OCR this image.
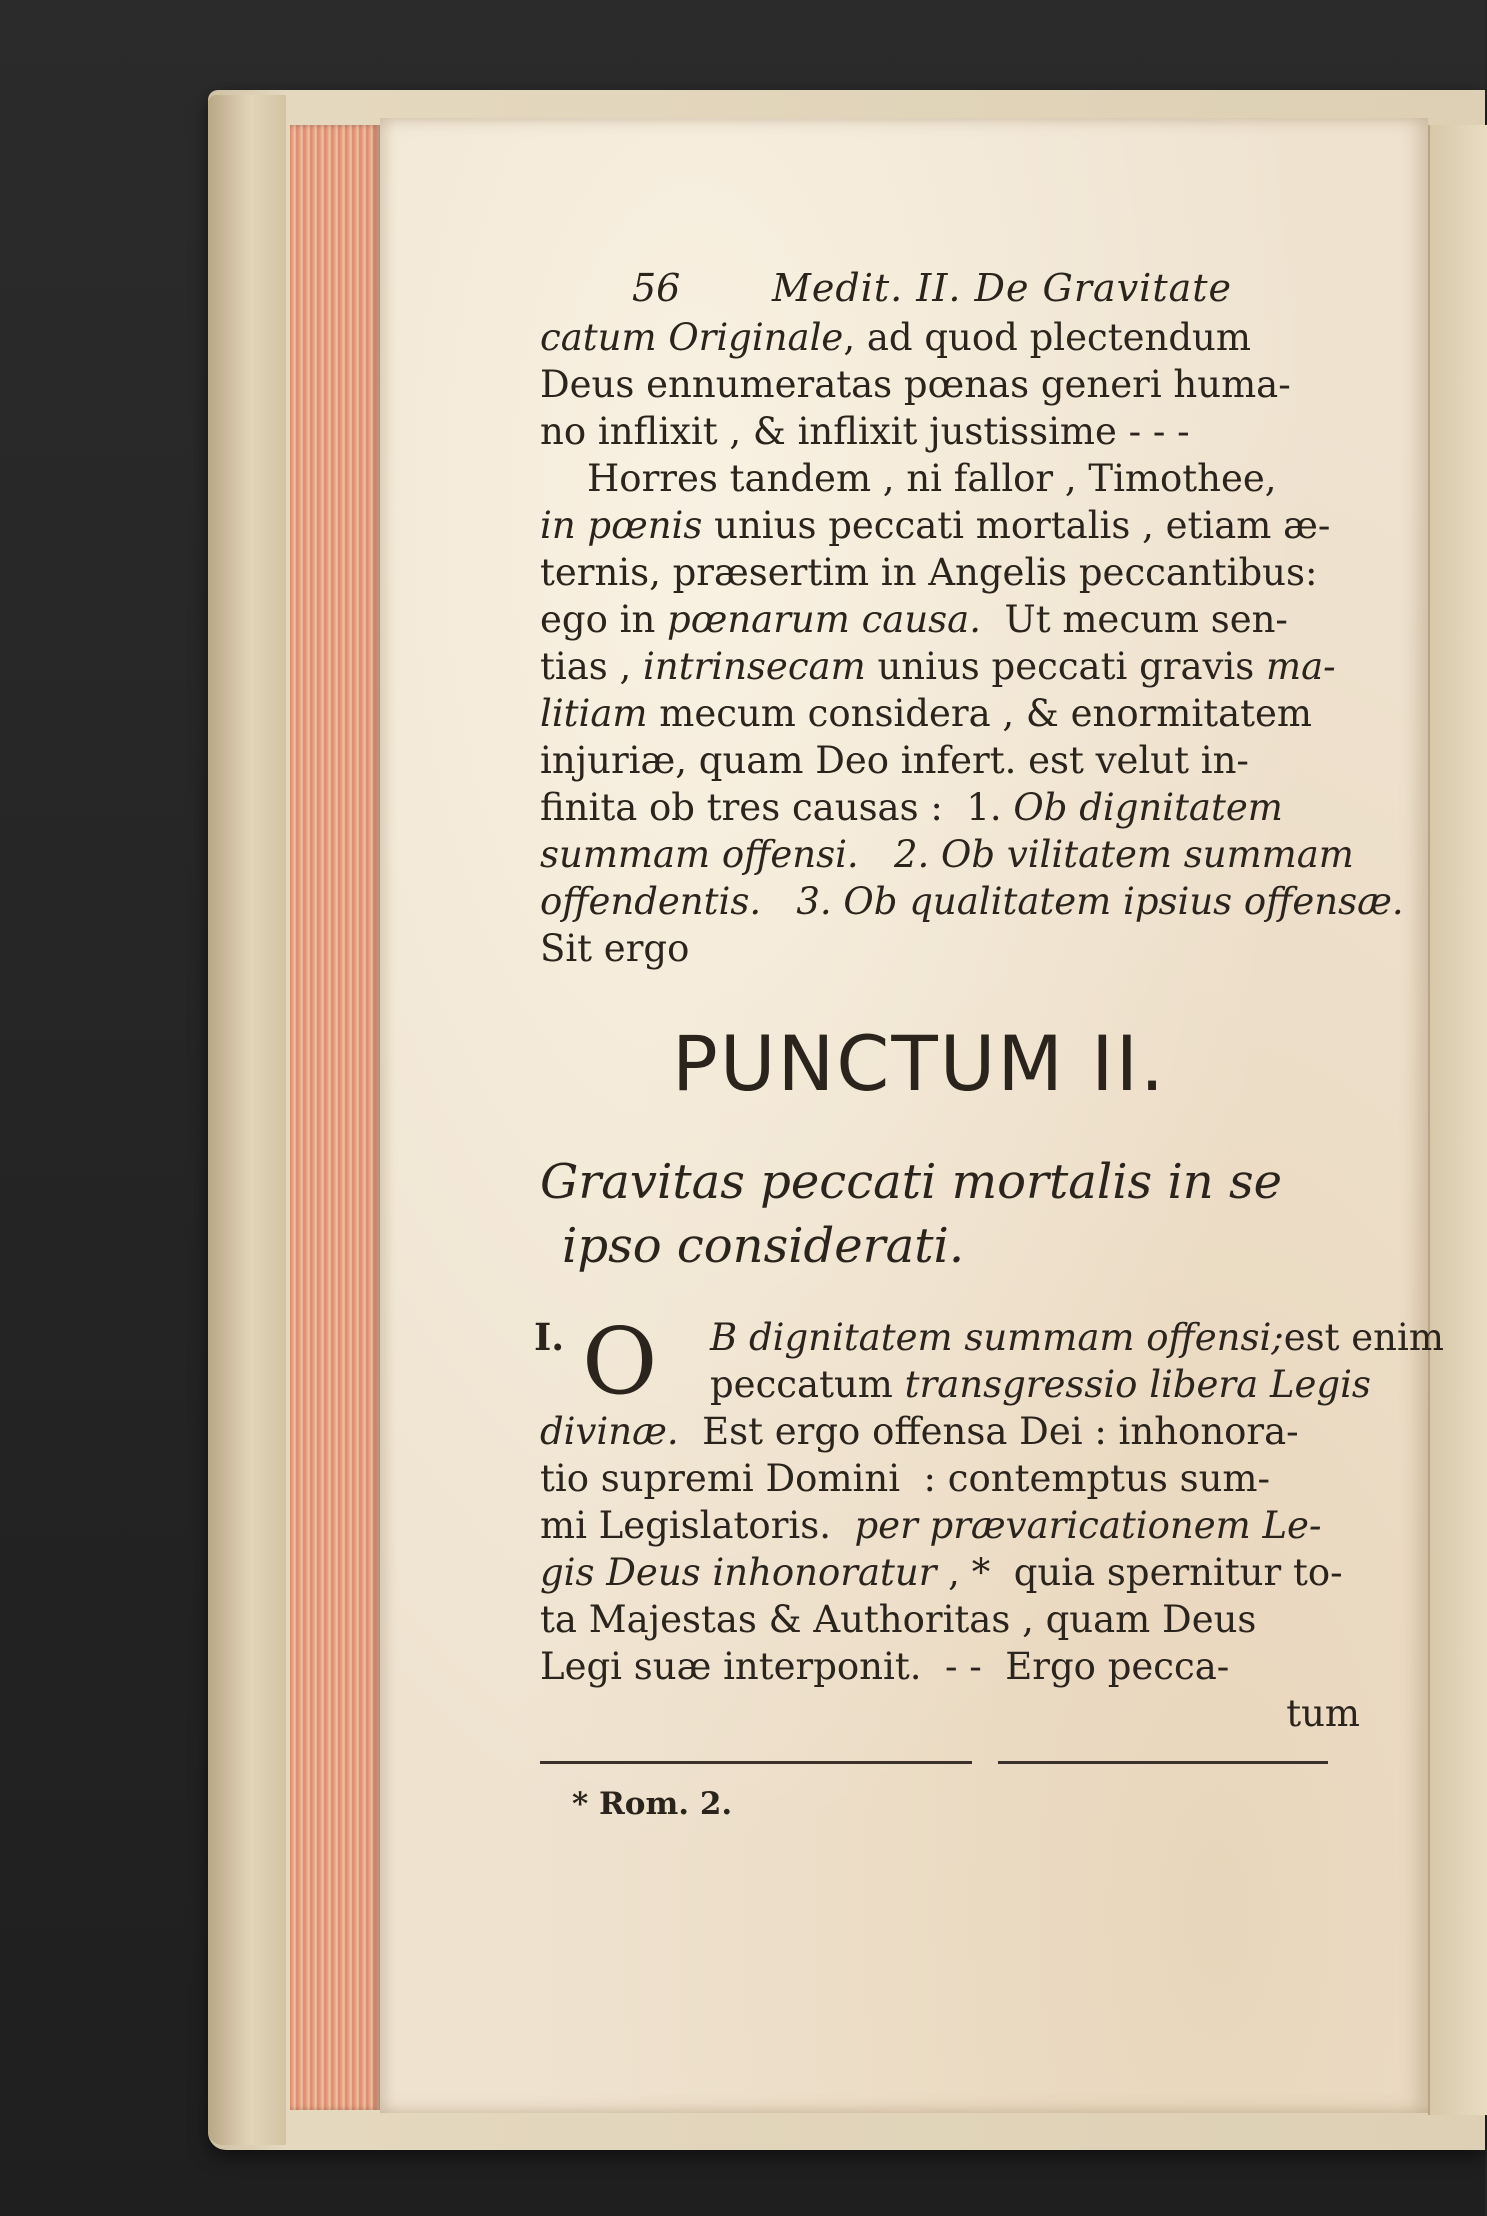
56 Medit. II. De Gravitate
catum Originale, ad quod plectendum
Deus ennumeratas pœnas generi huma-
no inflixit , & inflixit justissime - - -
Horres tandem , ni fallor , Timothee,
in pœnis unius peccati mortalis , etiam æ-
ternis, præsertim in Angelis peccantibus:
ego in pœnarum causa.  Ut mecum sen-
tias , intrinsecam unius peccati gravis ma-
litiam mecum considera , & enormitatem
injuriæ, quam Deo infert. est velut in-
finita ob tres causas :  1. Ob dignitatem
summam offensi.   2. Ob vilitatem summam
offendentis.   3. Ob qualitatem ipsius offensæ.
Sit ergo
PUNCTUM II.
Gravitas peccati mortalis in se
ipso considerati.
I. O	B dignitatem summam offensi;est enim
peccatum transgressio libera Legis
divinæ.  Est ergo offensa Dei : inhonora-
tio supremi Domini  : contemptus sum-
mi Legislatoris.  per prævaricationem Le-
gis Deus inhonoratur , *  quia spernitur to-
ta Majestas & Authoritas , quam Deus
Legi suæ interponit.  - -  Ergo pecca-
tum
* Rom. 2.
